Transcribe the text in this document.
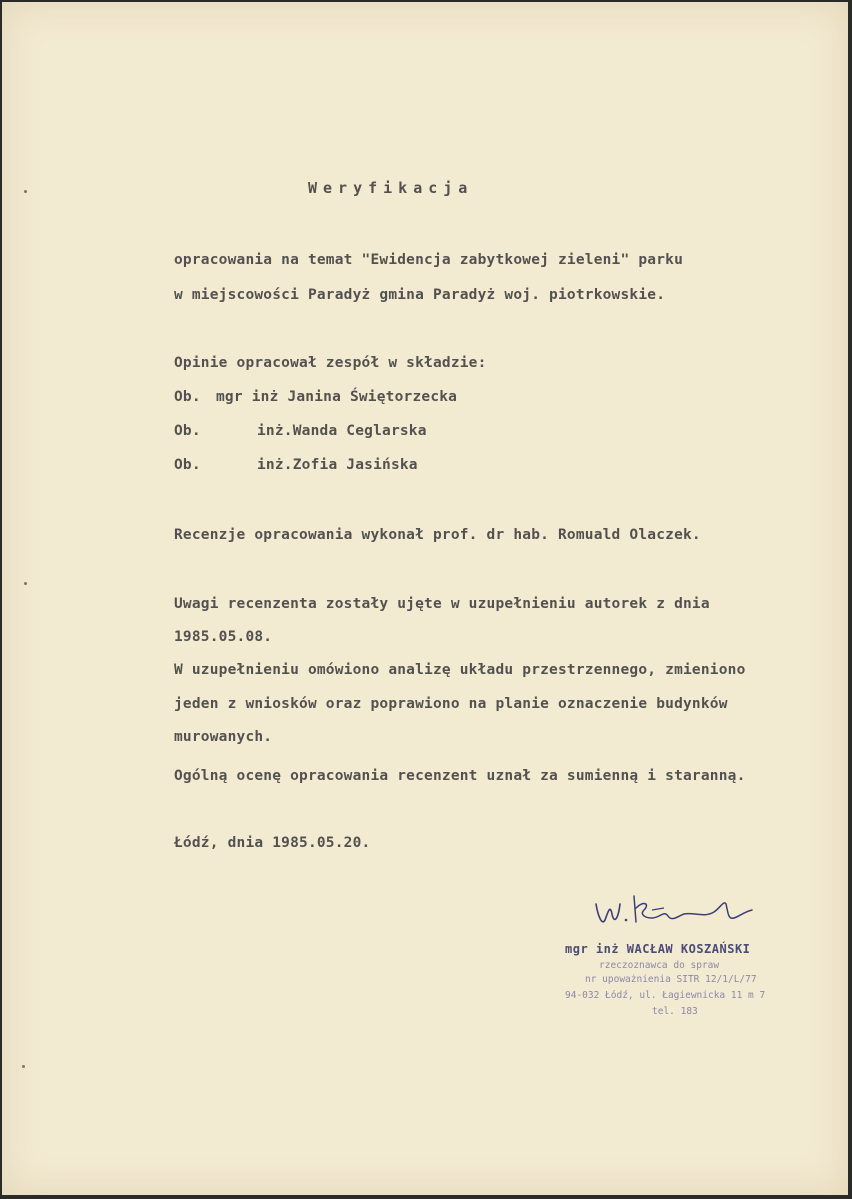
Weryfikacja
opracowania na temat "Ewidencja zabytkowej zieleni" parku
w miejscowości Paradyż gmina Paradyż woj. piotrkowskie.
Opinie opracował zespół w składzie:
Ob. mgr inż Janina Świętorzecka
Ob.	inż.Wanda Ceglarska
Ob.	inż.Zofia Jasińska
Recenzje opracowania wykonał prof. dr hab. Romuald Olaczek.
Uwagi recenzenta zostały ujęte w uzupełnieniu autorek z dnia
1985.05.08.
W uzupełnieniu omówiono analizę układu przestrzennego, zmieniono
jeden z wniosków oraz poprawiono na planie oznaczenie budynków
murowanych.
Ogólną ocenę opracowania recenzent uznał za sumienną i staranną.
Łódź, dnia 1985.05.20.
mgr inż WACŁAW KOSZAŃSKI
rzeczoznawca do spraw
nr upoważnienia SITR 12/1/L/77
94-032 Łódź, ul. Łagiewnicka 11 m 7
tel. 183
